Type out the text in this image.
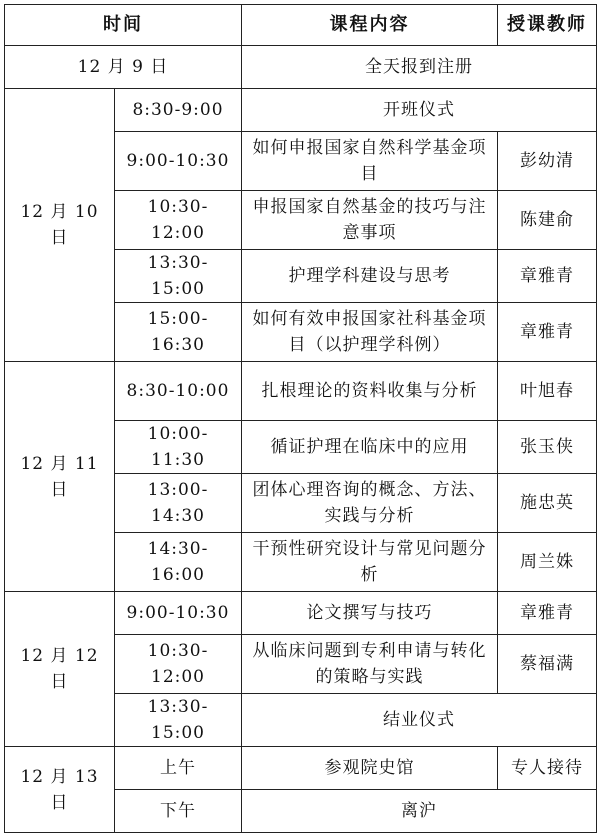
时间		课程内容	授课教师
12 月 9 日		全天报到注册	
12 月 10 日	8:30-9:00	开班仪式	
	9:00-10:30	如何申报国家自然科学基金项目	彭幼清
	10:30-12:00	申报国家自然基金的技巧与注意事项	陈建俞
	13:30-15:00	护理学科建设与思考	章雅青
	15:00-16:30	如何有效申报国家社科基金项目（以护理学科例）	章雅青
12 月 11 日	8:30-10:00	扎根理论的资料收集与分析	叶旭春
	10:00-11:30	循证护理在临床中的应用	张玉侠
	13:00-14:30	团体心理咨询的概念、方法、实践与分析	施忠英
	14:30-16:00	干预性研究设计与常见问题分析	周兰姝
12 月 12 日	9:00-10:30	论文撰写与技巧	章雅青
	10:30-12:00	从临床问题到专利申请与转化的策略与实践	蔡福满
	13:30-15:00	结业仪式	
12 月 13 日	上午	参观院史馆	专人接待
	下午	离沪	
